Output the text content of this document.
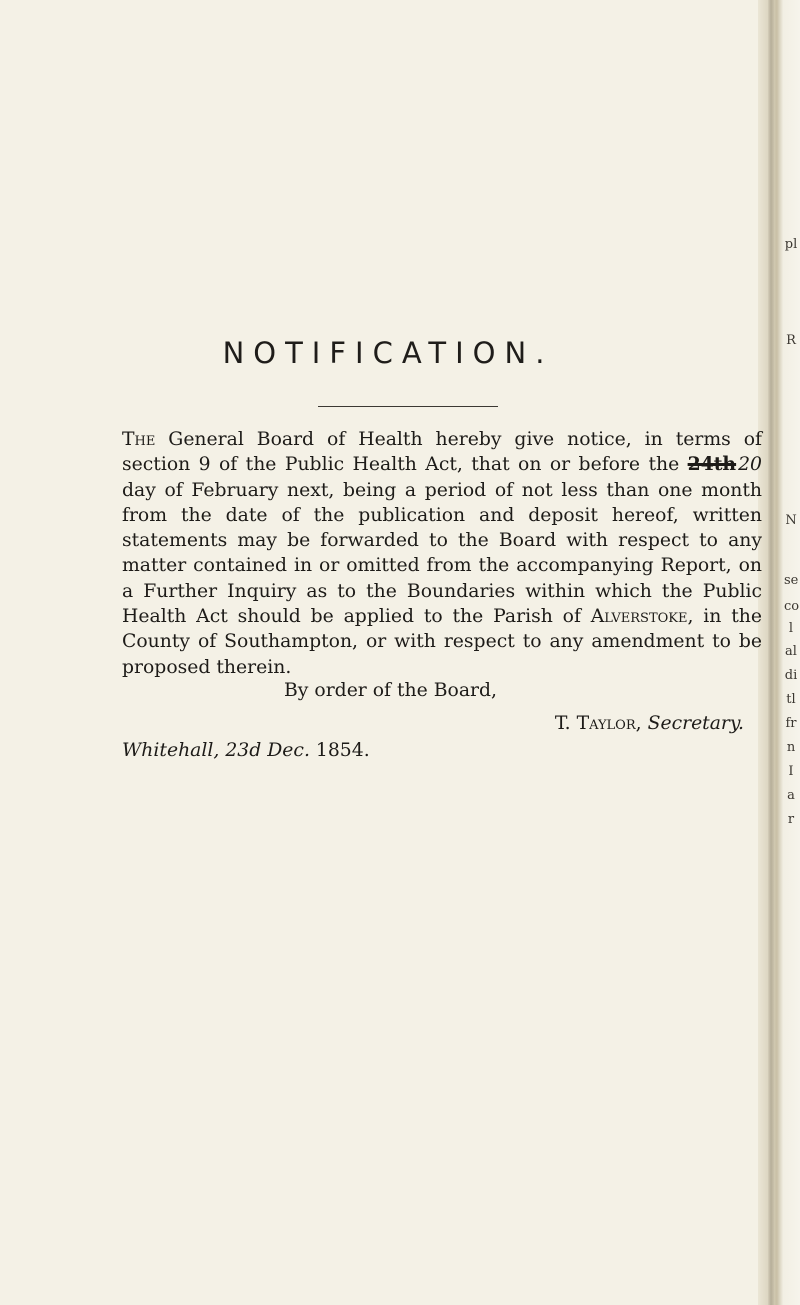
pl
R
N
se
co
l
al
di
tl
fr
n
I
a
r
NOTIFICATION.

The General Board of Health hereby give notice, in terms of section 9 of the Public Health Act, that on or before the 24th 20 day of February next, being a period of not less than one month from the date of the publication and deposit hereof, written statements may be forwarded to the Board with respect to any matter contained in or omitted from the accompanying Report, on a Further Inquiry as to the Boundaries within which the Public Health Act should be applied to the Parish of Alverstoke, in the County of Southampton, or with respect to any amendment to be proposed therein.

By order of the Board,

T. Taylor, Secretary.

Whitehall, 23d Dec. 1854.
